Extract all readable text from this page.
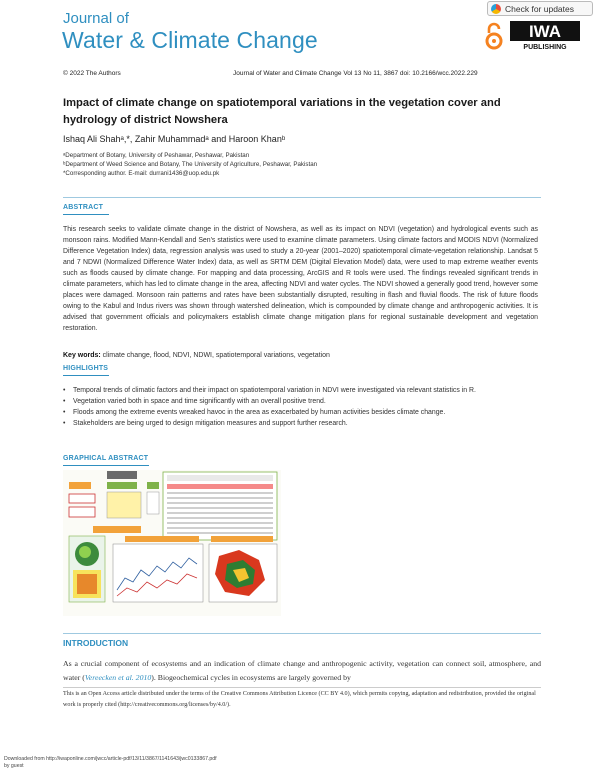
Journal of
Water & Climate Change
Check for updates
IWA
PUBLISHING
© 2022 The Authors	Journal of Water and Climate Change Vol 13 No 11, 3867 doi: 10.2166/wcc.2022.229
Impact of climate change on spatiotemporal variations in the vegetation cover and hydrology of district Nowshera
Ishaq Ali Shahᵃ,*, Zahir Muhammadᵃ and Haroon Khanᵇ
ᵃDepartment of Botany, University of Peshawar, Peshawar, Pakistan
ᵇDepartment of Weed Science and Botany, The University of Agriculture, Peshawar, Pakistan
*Corresponding author. E-mail: durrani1436@uop.edu.pk
ABSTRACT
This research seeks to validate climate change in the district of Nowshera, as well as its impact on NDVI (vegetation) and hydrological events such as monsoon rains. Modified Mann-Kendall and Sen's statistics were used to examine climate parameters. Using climate factors and MODIS NDVI (Normalized Difference Vegetation Index) data, regression analysis was used to study a 20-year (2001–2020) spatiotemporal climate-vegetation relationship. Landsat 5 and 7 NDWI (Normalized Difference Water Index) data, as well as SRTM DEM (Digital Elevation Model) data, were used to map extreme weather events such as floods caused by climate change. For mapping and data processing, ArcGIS and R tools were used. The findings revealed significant trends in climate parameters, which has led to climate change in the area, affecting NDVI and water cycles. The NDVI showed a generally good trend, however some places were damaged. Monsoon rain patterns and rates have been substantially disrupted, resulting in flash and fluvial floods. The risk of future floods owing to the Kabul and Indus rivers was shown through watershed delineation, which is compounded by climate change and anthropogenic activities. It is advised that government officials and policymakers establish climate change mitigation plans for regional sustainable development and vegetation restoration.
Key words: climate change, flood, NDVI, NDWI, spatiotemporal variations, vegetation
HIGHLIGHTS
• Temporal trends of climatic factors and their impact on spatiotemporal variation in NDVI were investigated via relevant statistics in R.
• Vegetation varied both in space and time significantly with an overall positive trend.
• Floods among the extreme events wreaked havoc in the area as exacerbated by human activities besides climate change.
• Stakeholders are being urged to design mitigation measures and support further research.
GRAPHICAL ABSTRACT
INTRODUCTION
As a crucial component of ecosystems and an indication of climate change and anthropogenic activity, vegetation can connect soil, atmosphere, and water (Vereecken et al. 2010). Biogeochemical cycles in ecosystems are largely governed by
This is an Open Access article distributed under the terms of the Creative Commons Attribution Licence (CC BY 4.0), which permits copying, adaptation and redistribution, provided the original work is properly cited (http://creativecommons.org/licenses/by/4.0/).
Downloaded from http://iwaponline.com/jwcc/article-pdf/13/11/3867/1141643/jwc0133867.pdf
by guest
